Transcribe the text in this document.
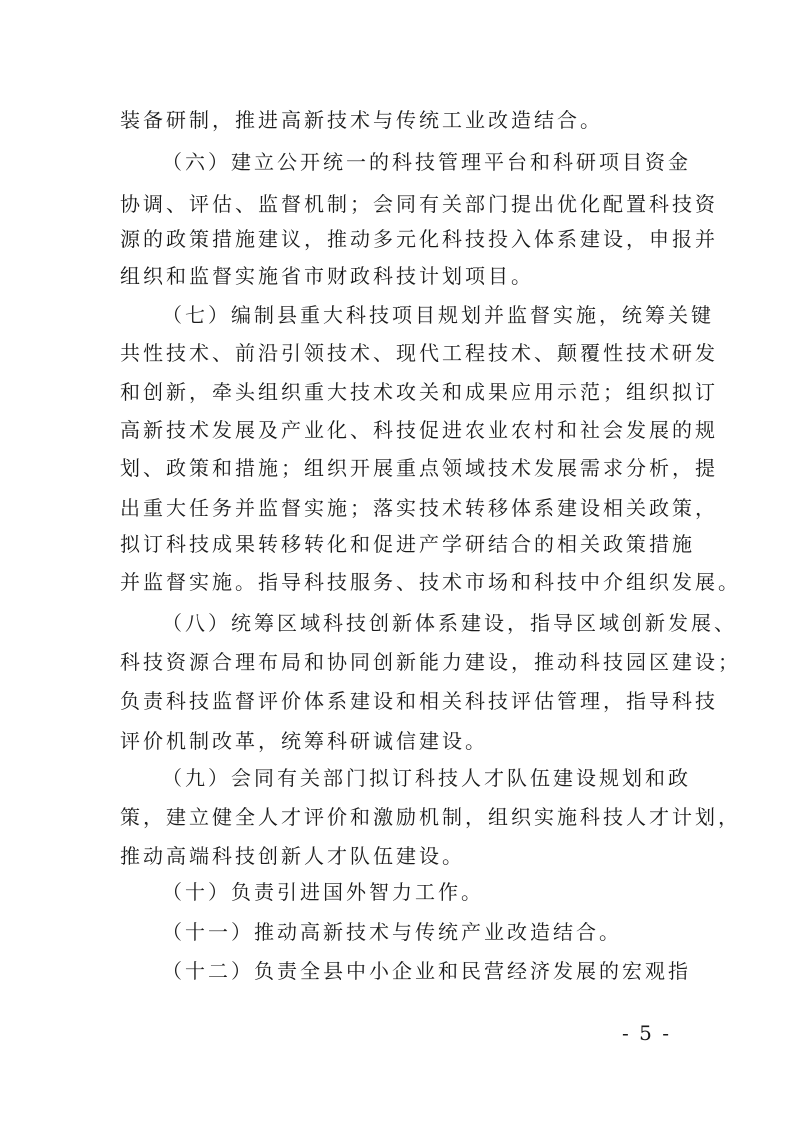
装备研制，推进高新技术与传统工业改造结合。
（六）建立公开统一的科技管理平台和科研项目资金
协调、评估、监督机制；会同有关部门提出优化配置科技资
源的政策措施建议，推动多元化科技投入体系建设，申报并
组织和监督实施省市财政科技计划项目。
（七）编制县重大科技项目规划并监督实施，统筹关键
共性技术、前沿引领技术、现代工程技术、颠覆性技术研发
和创新，牵头组织重大技术攻关和成果应用示范；组织拟订
高新技术发展及产业化、科技促进农业农村和社会发展的规
划、政策和措施；组织开展重点领域技术发展需求分析，提
出重大任务并监督实施；落实技术转移体系建设相关政策，
拟订科技成果转移转化和促进产学研结合的相关政策措施
并监督实施。指导科技服务、技术市场和科技中介组织发展。
（八）统筹区域科技创新体系建设，指导区域创新发展、
科技资源合理布局和协同创新能力建设，推动科技园区建设；
负责科技监督评价体系建设和相关科技评估管理，指导科技
评价机制改革，统筹科研诚信建设。
（九）会同有关部门拟订科技人才队伍建设规划和政
策，建立健全人才评价和激励机制，组织实施科技人才计划，
推动高端科技创新人才队伍建设。
（十）负责引进国外智力工作。
（十一）推动高新技术与传统产业改造结合。
（十二）负责全县中小企业和民营经济发展的宏观指
- 5 -
